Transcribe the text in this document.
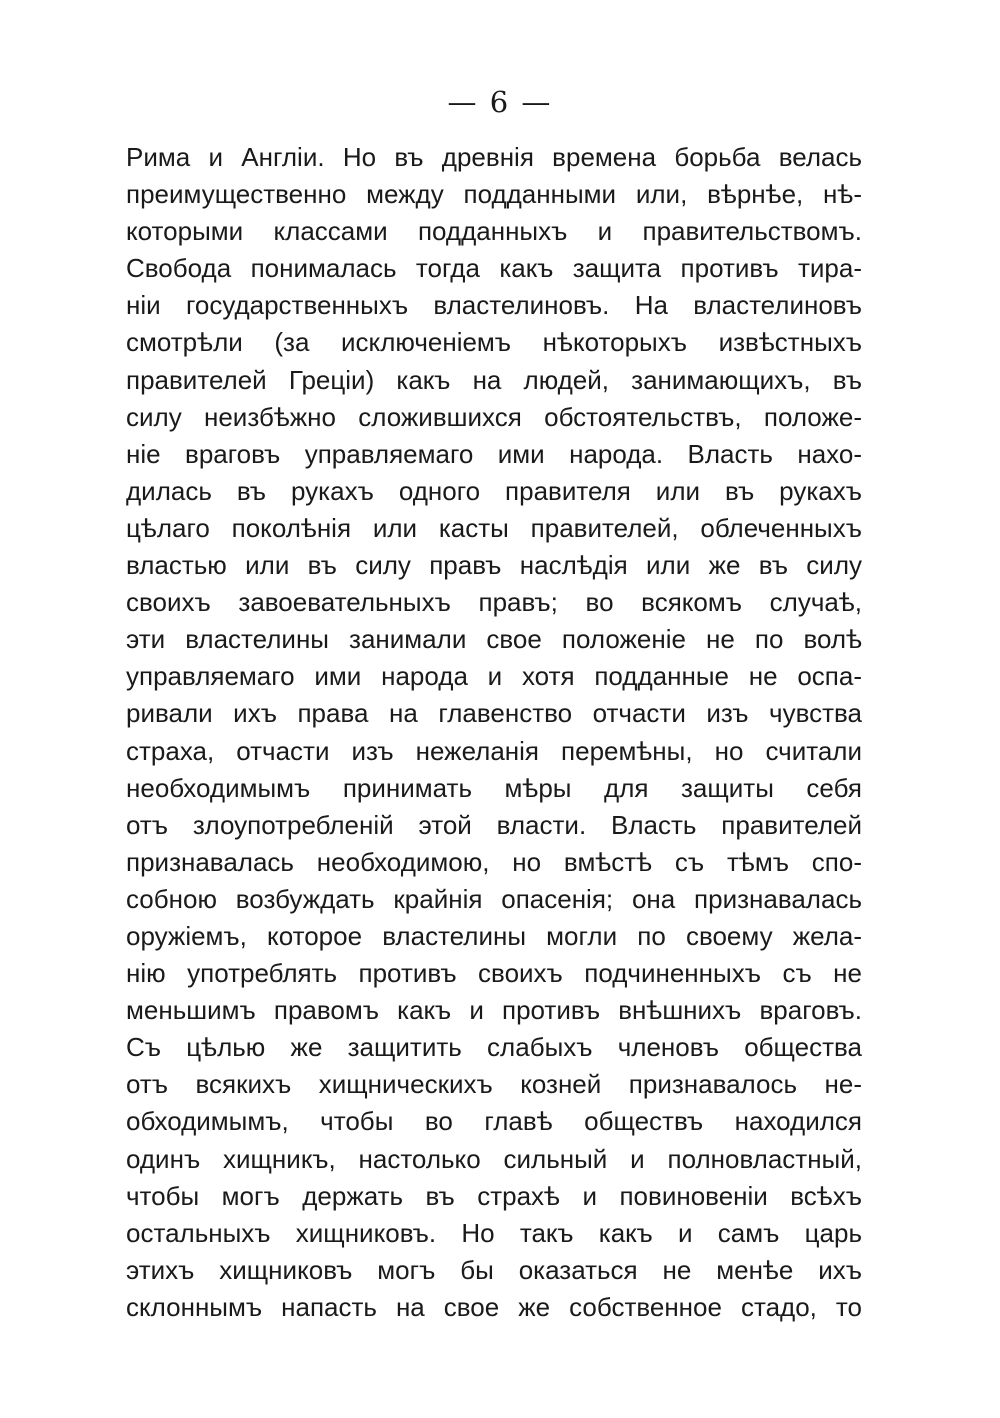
— 6 —
Рима и Англіи. Но въ древнія времена борьба велась
преимущественно между подданными или, вѣрнѣе, нѣ-
которыми классами подданныхъ и правительствомъ.
Свобода понималась тогда какъ защита противъ тира-
ніи государственныхъ властелиновъ. На властелиновъ
смотрѣли (за исключеніемъ нѣкоторыхъ извѣстныхъ
правителей Греціи) какъ на людей, занимающихъ, въ
силу неизбѣжно сложившихся обстоятельствъ, положе-
ніе враговъ управляемаго ими народа. Власть нахо-
дилась въ рукахъ одного правителя или въ рукахъ
цѣлаго поколѣнія или касты правителей, облеченныхъ
властью или въ силу правъ наслѣдія или же въ силу
своихъ завоевательныхъ правъ; во всякомъ случаѣ,
эти властелины занимали свое положеніе не по волѣ
управляемаго ими народа и хотя подданные не оспа-
ривали ихъ права на главенство отчасти изъ чувства
страха, отчасти изъ нежеланія перемѣны, но считали
необходимымъ принимать мѣры для защиты себя
отъ злоупотребленій этой власти. Власть правителей
признавалась необходимою, но вмѣстѣ съ тѣмъ спо-
собною возбуждать крайнія опасенія; она признавалась
оружіемъ, которое властелины могли по своему жела-
нію употреблять противъ своихъ подчиненныхъ съ не
меньшимъ правомъ какъ и противъ внѣшнихъ враговъ.
Съ цѣлью же защитить слабыхъ членовъ общества
отъ всякихъ хищническихъ козней признавалось не-
обходимымъ, чтобы во главѣ обществъ находился
одинъ хищникъ, настолько сильный и полновластный,
чтобы могъ держать въ страхѣ и повиновеніи всѣхъ
остальныхъ хищниковъ. Но такъ какъ и самъ царь
этихъ хищниковъ могъ бы оказаться не менѣе ихъ
склоннымъ напасть на свое же собственное стадо, то
